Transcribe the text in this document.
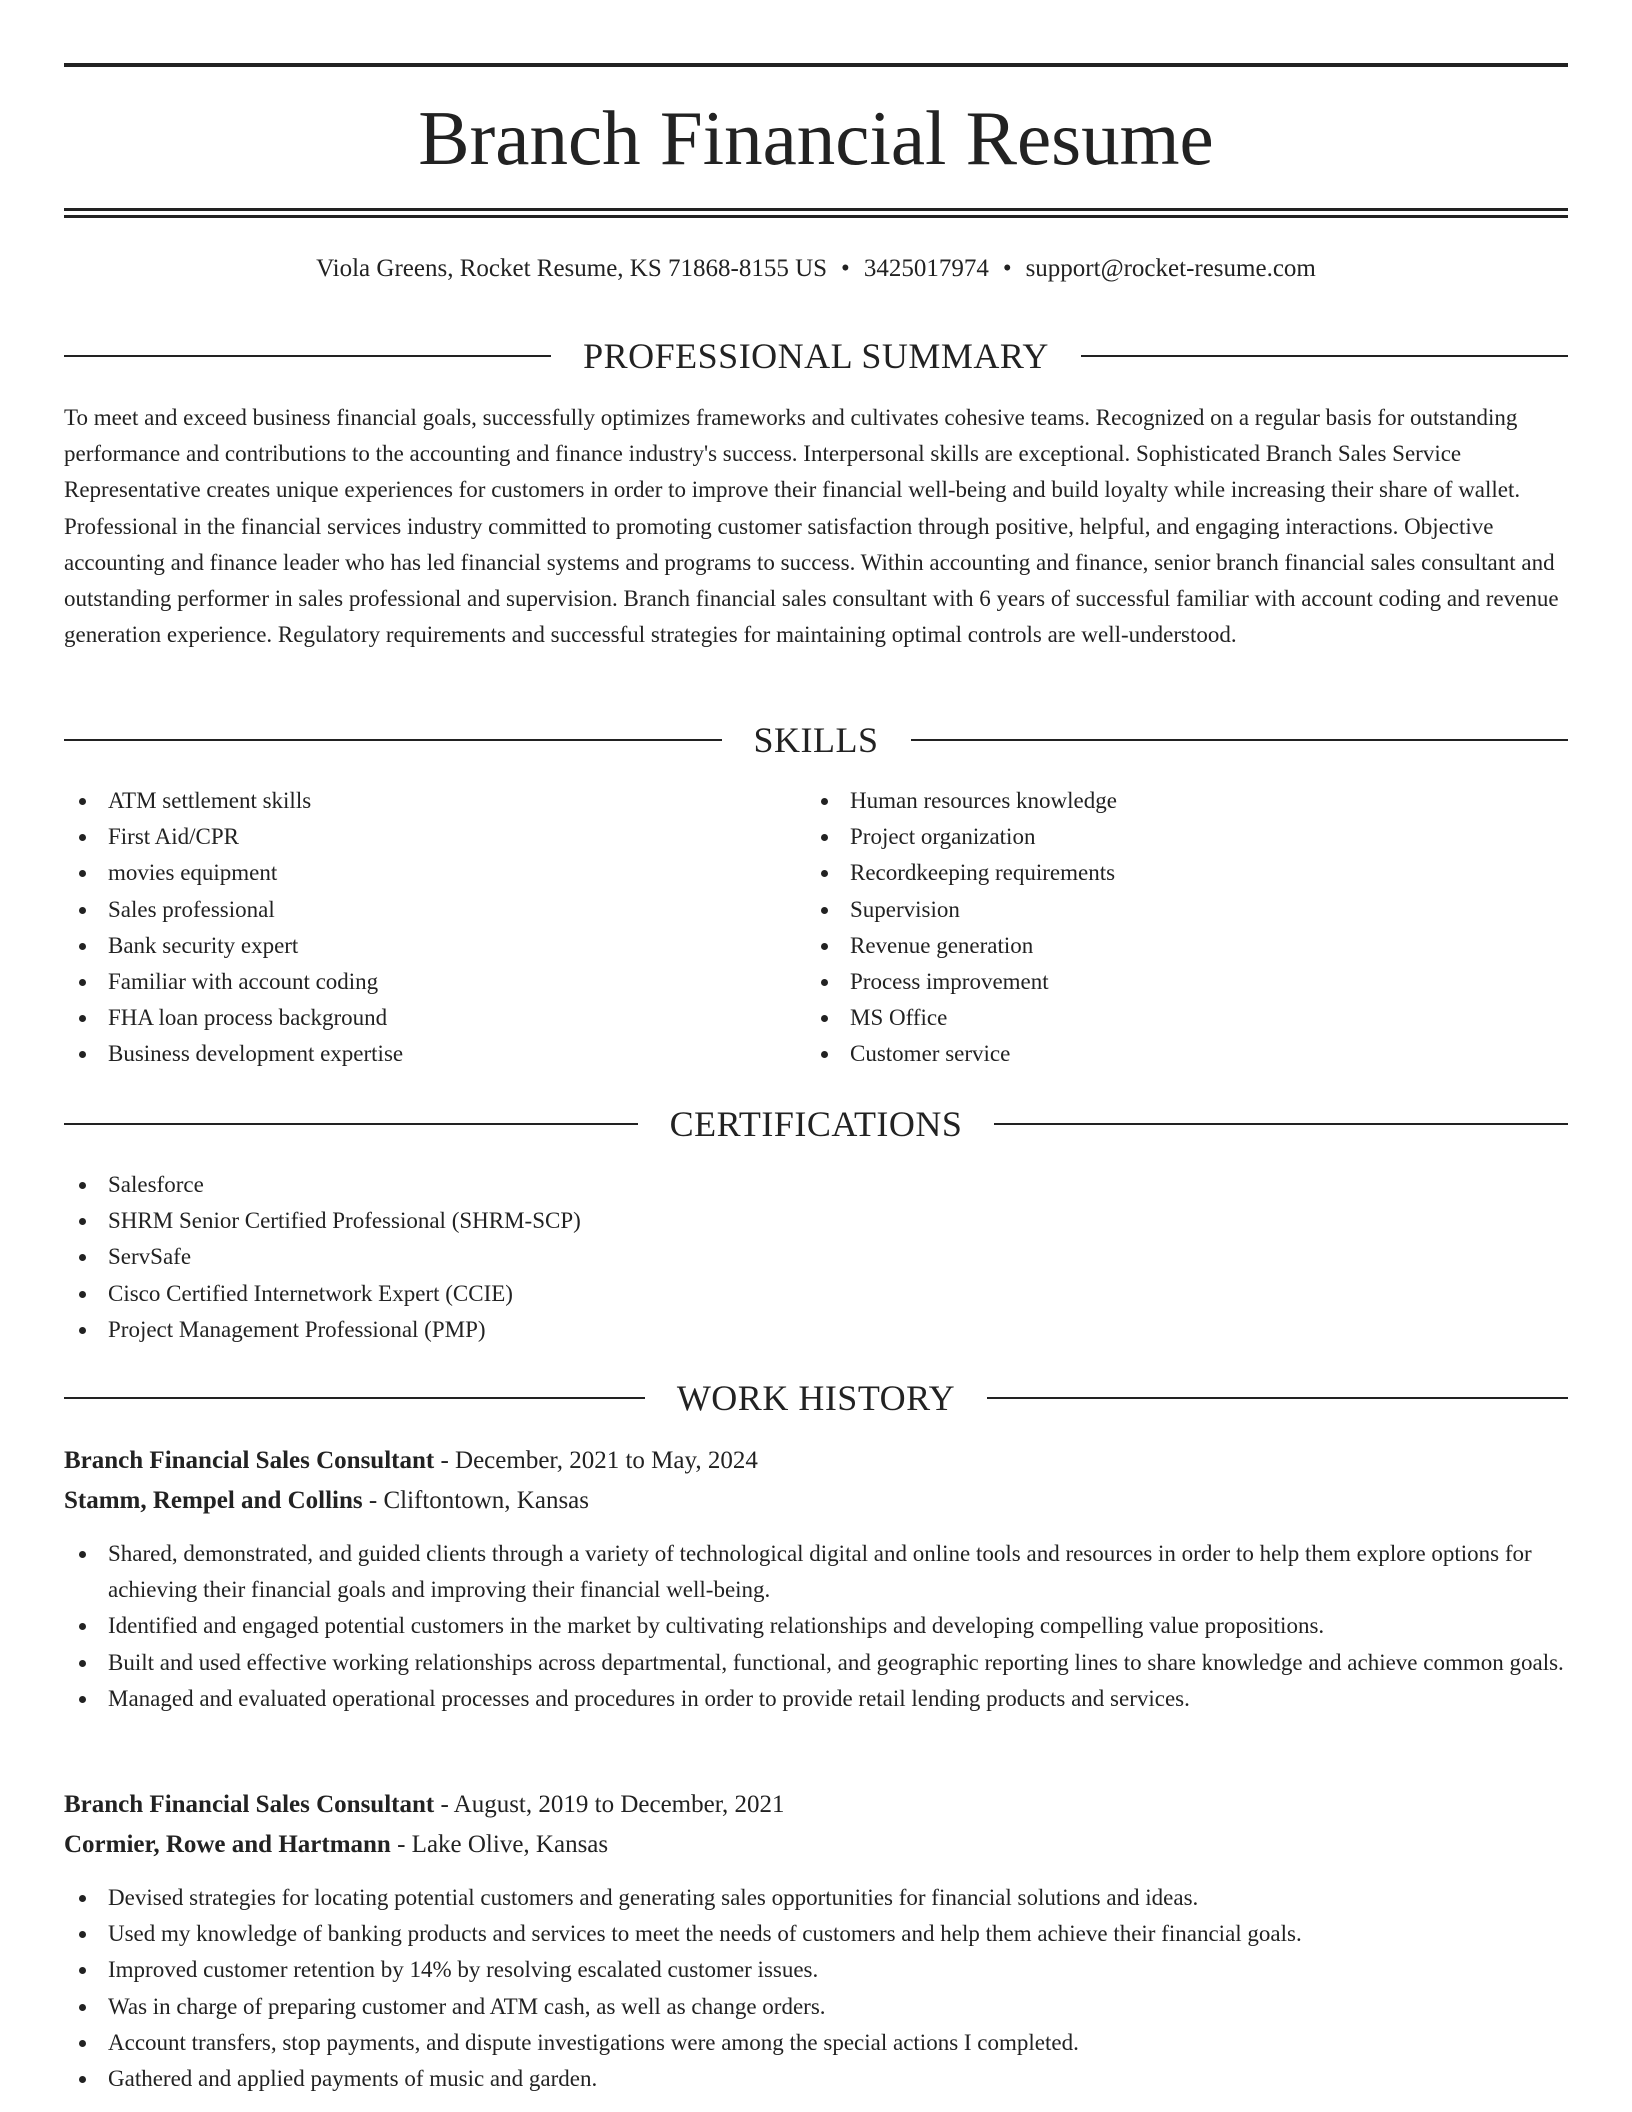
Branch Financial Resume
Viola Greens, Rocket Resume, KS 71868-8155 US • 3425017974 • support@rocket-resume.com
PROFESSIONAL SUMMARY

To meet and exceed business financial goals, successfully optimizes frameworks and cultivates cohesive teams. Recognized on a regular basis for outstanding performance and contributions to the accounting and finance industry's success. Interpersonal skills are exceptional. Sophisticated Branch Sales Service Representative creates unique experiences for customers in order to improve their financial well-being and build loyalty while increasing their share of wallet. Professional in the financial services industry committed to promoting customer satisfaction through positive, helpful, and engaging interactions. Objective accounting and finance leader who has led financial systems and programs to success. Within accounting and finance, senior branch financial sales consultant and outstanding performer in sales professional and supervision. Branch financial sales consultant with 6 years of successful familiar with account coding and revenue generation experience. Regulatory requirements and successful strategies for maintaining optimal controls are well-understood.

SKILLS
ATM settlement skills
First Aid/CPR
movies equipment
Sales professional
Bank security expert
Familiar with account coding
FHA loan process background
Business development expertise
Human resources knowledge
Project organization
Recordkeeping requirements
Supervision
Revenue generation
Process improvement
MS Office
Customer service
CERTIFICATIONS
Salesforce
SHRM Senior Certified Professional (SHRM-SCP)
ServSafe
Cisco Certified Internetwork Expert (CCIE)
Project Management Professional (PMP)
WORK HISTORY

Branch Financial Sales Consultant - December, 2021 to May, 2024

Stamm, Rempel and Collins - Cliftontown, Kansas

Shared, demonstrated, and guided clients through a variety of technological digital and online tools and resources in order to help them explore options for achieving their financial goals and improving their financial well-being.
Identified and engaged potential customers in the market by cultivating relationships and developing compelling value propositions.
Built and used effective working relationships across departmental, functional, and geographic reporting lines to share knowledge and achieve common goals.
Managed and evaluated operational processes and procedures in order to provide retail lending products and services.

Branch Financial Sales Consultant - August, 2019 to December, 2021

Cormier, Rowe and Hartmann - Lake Olive, Kansas

Devised strategies for locating potential customers and generating sales opportunities for financial solutions and ideas.
Used my knowledge of banking products and services to meet the needs of customers and help them achieve their financial goals.
Improved customer retention by 14% by resolving escalated customer issues.
Was in charge of preparing customer and ATM cash, as well as change orders.
Account transfers, stop payments, and dispute investigations were among the special actions I completed.
Gathered and applied payments of music and garden.
